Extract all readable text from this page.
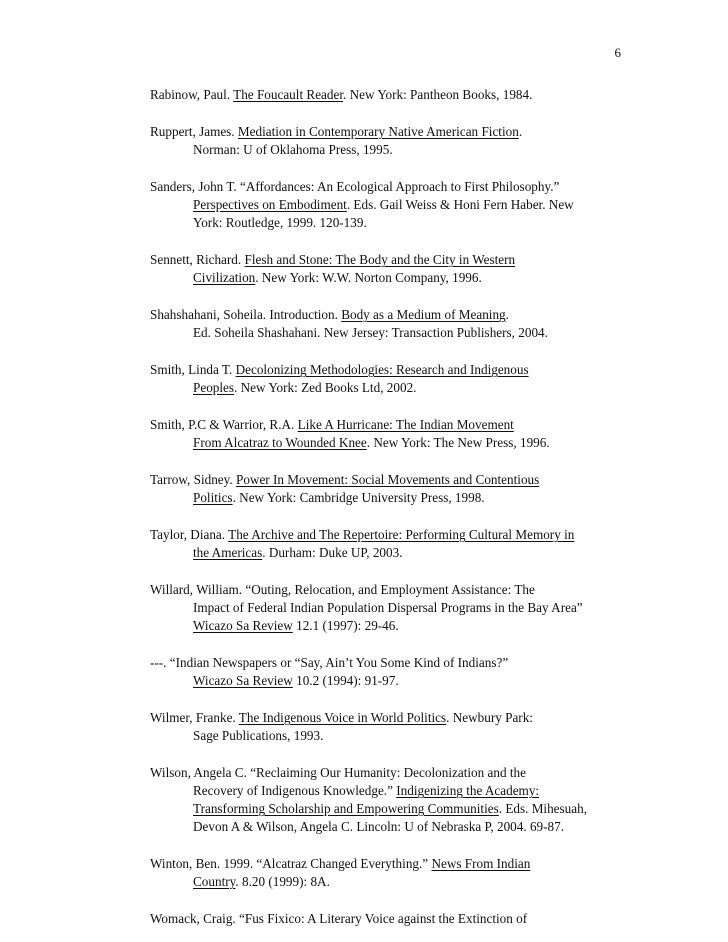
6
Rabinow, Paul. The Foucault Reader. New York: Pantheon Books, 1984.
Ruppert, James. Mediation in Contemporary Native American Fiction.
Norman: U of Oklahoma Press, 1995.
Sanders, John T. “Affordances: An Ecological Approach to First Philosophy.”
Perspectives on Embodiment. Eds. Gail Weiss & Honi Fern Haber. New
York: Routledge, 1999. 120-139.
Sennett, Richard. Flesh and Stone: The Body and the City in Western
Civilization. New York: W.W. Norton Company, 1996.
Shahshahani, Soheila. Introduction. Body as a Medium of Meaning.
Ed. Soheila Shashahani. New Jersey: Transaction Publishers, 2004.
Smith, Linda T. Decolonizing Methodologies: Research and Indigenous
Peoples. New York: Zed Books Ltd, 2002.
Smith, P.C & Warrior, R.A. Like A Hurricane: The Indian Movement
From Alcatraz to Wounded Knee. New York: The New Press, 1996.
Tarrow, Sidney. Power In Movement: Social Movements and Contentious
Politics. New York: Cambridge University Press, 1998.
Taylor, Diana. The Archive and The Repertoire: Performing Cultural Memory in
the Americas. Durham: Duke UP, 2003.
Willard, William. “Outing, Relocation, and Employment Assistance: The
Impact of Federal Indian Population Dispersal Programs in the Bay Area”
Wicazo Sa Review 12.1 (1997): 29-46.
---. “Indian Newspapers or “Say, Ain’t You Some Kind of Indians?”
Wicazo Sa Review 10.2 (1994): 91-97.
Wilmer, Franke. The Indigenous Voice in World Politics. Newbury Park:
Sage Publications, 1993.
Wilson, Angela C. “Reclaiming Our Humanity: Decolonization and the
Recovery of Indigenous Knowledge.” Indigenizing the Academy:
Transforming Scholarship and Empowering Communities. Eds. Mihesuah,
Devon A & Wilson, Angela C. Lincoln: U of Nebraska P, 2004. 69-87.
Winton, Ben. 1999. “Alcatraz Changed Everything.” News From Indian
Country. 8.20 (1999): 8A.
Womack, Craig. “Fus Fixico: A Literary Voice against the Extinction of
